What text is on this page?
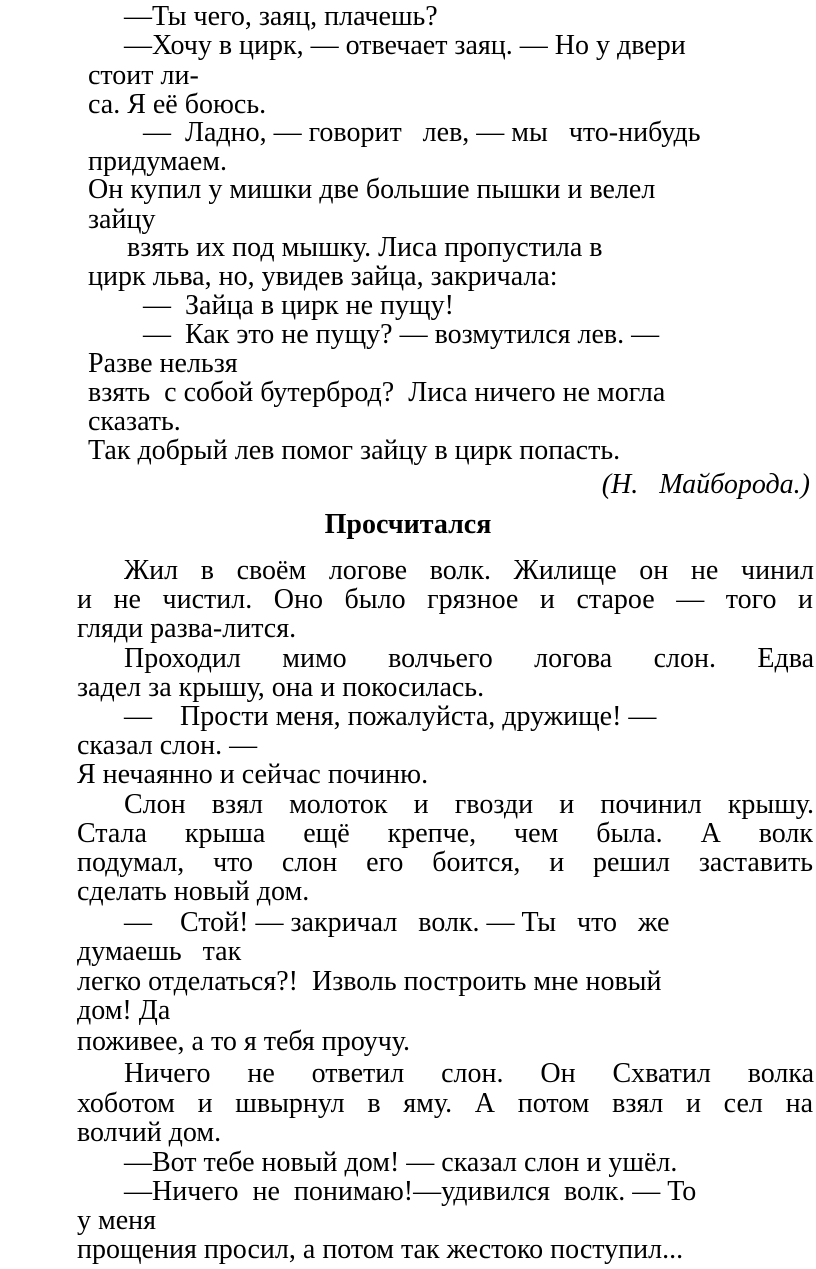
—Ты чего, заяц, плачешь?
—Хочу в цирк, — отвечает заяц. — Но у двери
стоит ли-
са. Я её боюсь.
—  Ладно, — говорит   лев, — мы   что-нибудь
придумаем.
Он купил у мишки две большие пышки и велел
зайцу
взять их под мышку. Лиса пропустила в
цирк льва, но, увидев зайца, закричала:
—  Зайца в цирк не пущу!
—  Как это не пущу? — возмутился лев. —
Разве нельзя
взять  с собой бутерброд?  Лиса ничего не могла
сказать.
Так добрый лев помог зайцу в цирк попасть.
(Н.   Майборода.)
Просчитался
Жил в своём логове волк. Жилище он не чинил
и не чистил. Оно было грязное и старое — того и
гляди разва-лится.
Проходил мимо волчьего логова слон. Едва
задел за крышу, она и покосилась.
—    Прости меня, пожалуйста, дружище! —
сказал слон. —
Я нечаянно и сейчас починю.
Слон взял молоток и гвозди и починил крышу.
Стала крыша ещё крепче, чем была. А волк
подумал, что слон его боится, и решил заставить
сделать новый дом.
—    Стой! — закричал   волк. — Ты   что   же
думаешь   так
легко отделаться?!  Изволь построить мне новый
дом! Да
поживее, а то я тебя проучу.
Ничего не ответил слон. Он Схватил волка
хоботом и швырнул в яму. А потом взял и сел на
волчий дом.
—Вот тебе новый дом! — сказал слон и ушёл.
—Ничего  не  понимаю!—удивился  волк. — То
у меня
прощения просил, а потом так жестоко поступил...
